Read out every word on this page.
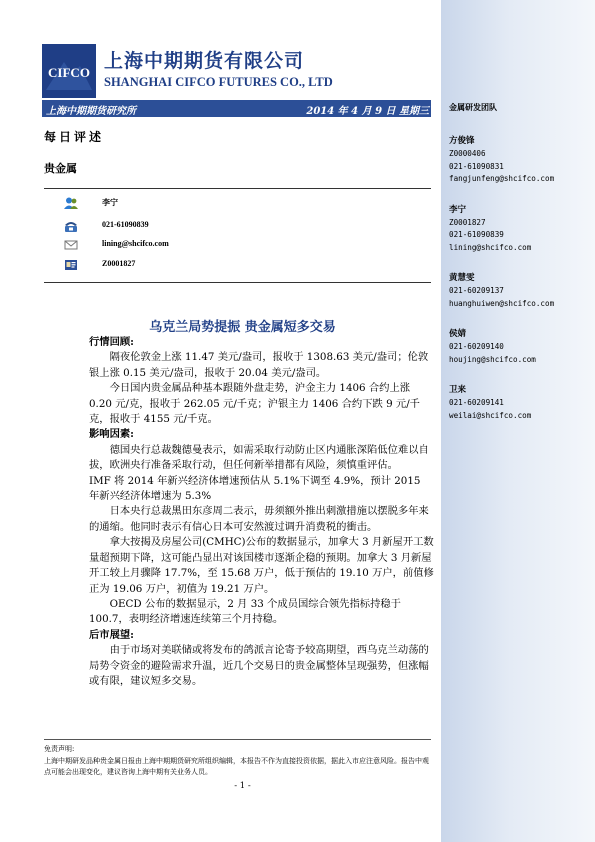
金属研发团队
方俊锋
Z0000406
021-61090831
fangjunfeng@shcifco.com
李宁
Z0001827
021-61090839
lining@shcifco.com
黄慧雯
021-60209137
huanghuiwen@shcifco.com
侯婧
021-60209140
houjing@shcifco.com
卫来
021-60209141
weilai@shcifco.com
CIFCO
上海中期期货有限公司
SHANGHAI CIFCO FUTURES CO., LTD
上海中期期货研究所	2014 年 4 月 9 日 星期三
每日评述
贵金属
李宁
021-61090839
lining@shcifco.com
Z0001827
乌克兰局势提振 贵金属短多交易
行情回顾:

隔夜伦敦金上涨 11.47 美元/盎司，报收于 1308.63 美元/盎司；伦敦银上涨 0.15 美元/盎司，报收于 20.04 美元/盎司。

今日国内贵金属品种基本跟随外盘走势，沪金主力 1406 合约上涨 0.20 元/克，报收于 262.05 元/千克；沪银主力 1406 合约下跌 9 元/千克，报收于 4155 元/千克。

影响因素:

德国央行总裁魏德曼表示，如需采取行动防止区内通胀深陷低位难以自拔，欧洲央行准备采取行动，但任何新举措都有风险，须慎重评估。

IMF 将 2014 年新兴经济体增速预估从 5.1%下调至 4.9%，预计 2015 年新兴经济体增速为 5.3%

日本央行总裁黑田东彦周二表示，毋须额外推出刺激措施以摆脱多年来的通缩。他同时表示有信心日本可安然渡过调升消费税的衝击。

拿大按揭及房屋公司(CMHC)公布的数据显示，加拿大 3 月新屋开工数量超预期下降，这可能凸显出对该国楼市逐渐企稳的预期。加拿大 3 月新屋开工较上月骤降 17.7%，至 15.68 万户，低于预估的 19.10 万户，前值修正为 19.06 万户，初值为 19.21 万户。

OECD 公布的数据显示，2 月 33 个成员国综合领先指标持稳于 100.7，表明经济增速连续第三个月持稳。

后市展望:

由于市场对美联储或将发布的鸽派言论寄予较高期望，西乌克兰动荡的局势令资金的避险需求升温，近几个交易日的贵金属整体呈现强势，但涨幅或有限，建议短多交易。

免责声明:
上海中期研发品种贵金属日报由上海中期期货研究所组织编辑，本报告不作为直接投资依据，据此入市应注意风险。报告中观点可能会出现变化，建议咨询上海中期有关业务人员。
- 1 -
